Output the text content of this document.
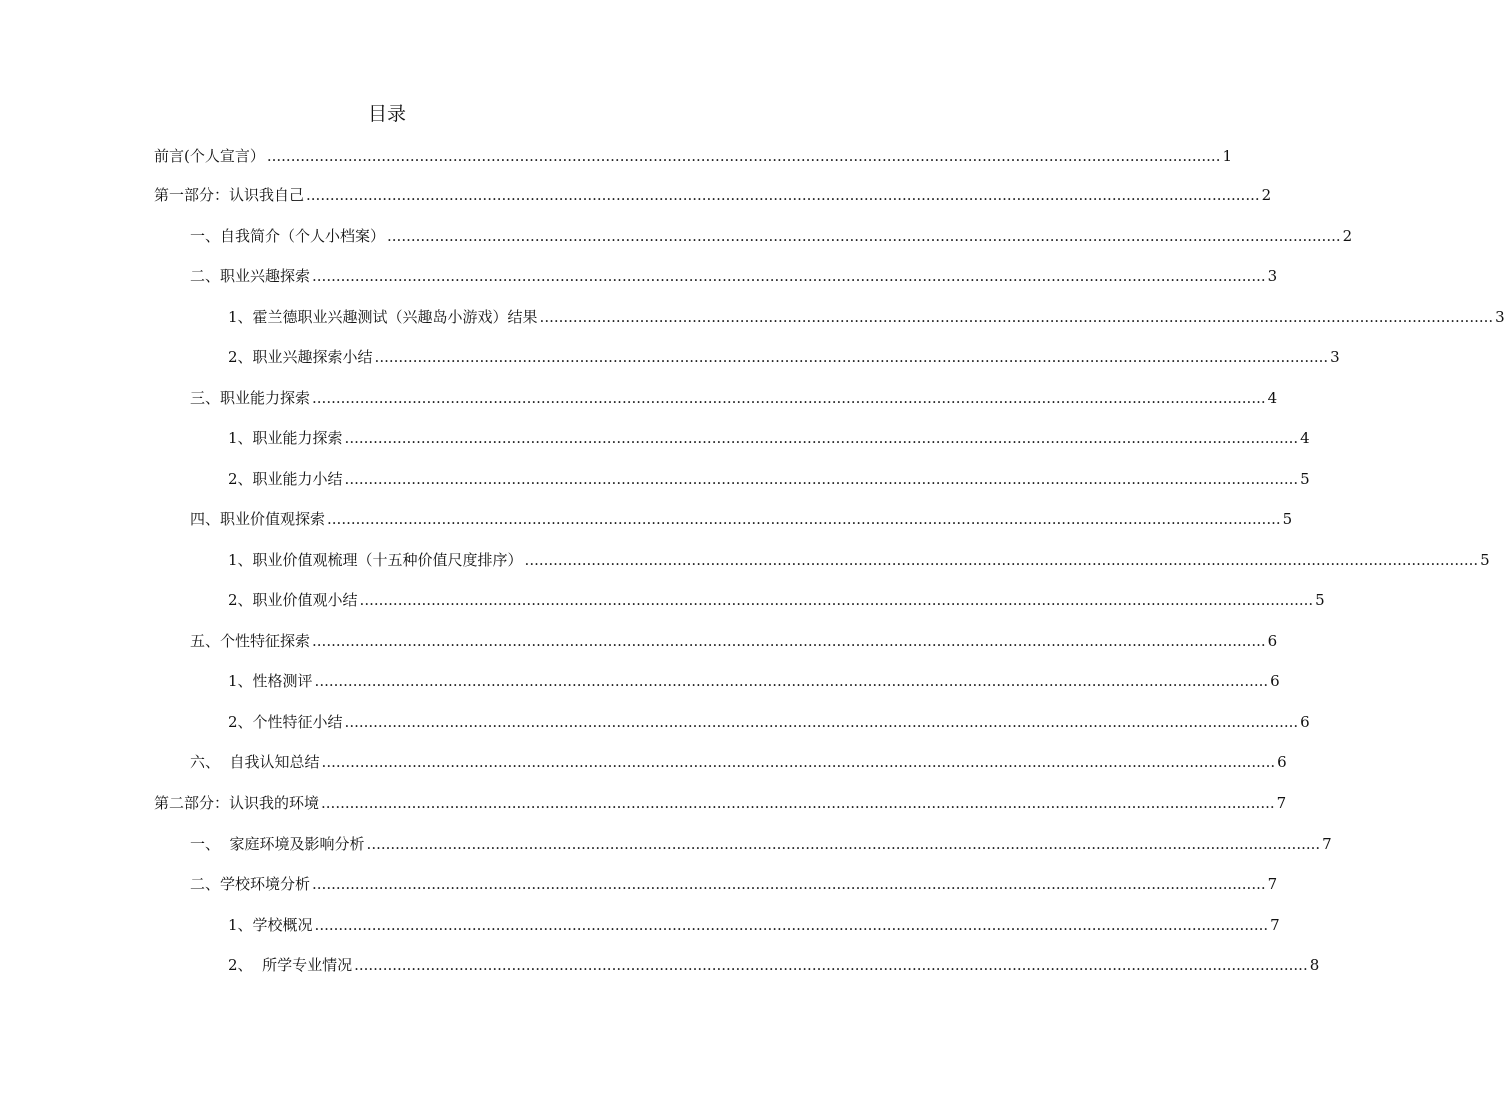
目录
前言(个人宣言） ........................................................................................................................................................................................................ 1
第一部分：认识我自己 ........................................................................................................................................................................................................ 2
一、自我简介（个人小档案） ........................................................................................................................................................................................................ 2
二、职业兴趣探索 ........................................................................................................................................................................................................ 3
1、霍兰德职业兴趣测试（兴趣岛小游戏）结果 ........................................................................................................................................................................................................ 3
2、职业兴趣探索小结 ........................................................................................................................................................................................................ 3
三、职业能力探索 ........................................................................................................................................................................................................ 4
1、职业能力探索 ........................................................................................................................................................................................................ 4
2、职业能力小结 ........................................................................................................................................................................................................ 5
四、职业价值观探索 ........................................................................................................................................................................................................ 5
1、职业价值观梳理（十五种价值尺度排序） ........................................................................................................................................................................................................ 5
2、职业价值观小结 ........................................................................................................................................................................................................ 5
五、个性特征探索 ........................................................................................................................................................................................................ 6
1、性格测评 ........................................................................................................................................................................................................ 6
2、个性特征小结 ........................................................................................................................................................................................................ 6
六、  自我认知总结 ........................................................................................................................................................................................................ 6
第二部分：认识我的环境 ........................................................................................................................................................................................................ 7
一、  家庭环境及影响分析 ........................................................................................................................................................................................................ 7
二、学校环境分析 ........................................................................................................................................................................................................ 7
1、学校概况 ........................................................................................................................................................................................................ 7
2、  所学专业情况 ........................................................................................................................................................................................................ 8
